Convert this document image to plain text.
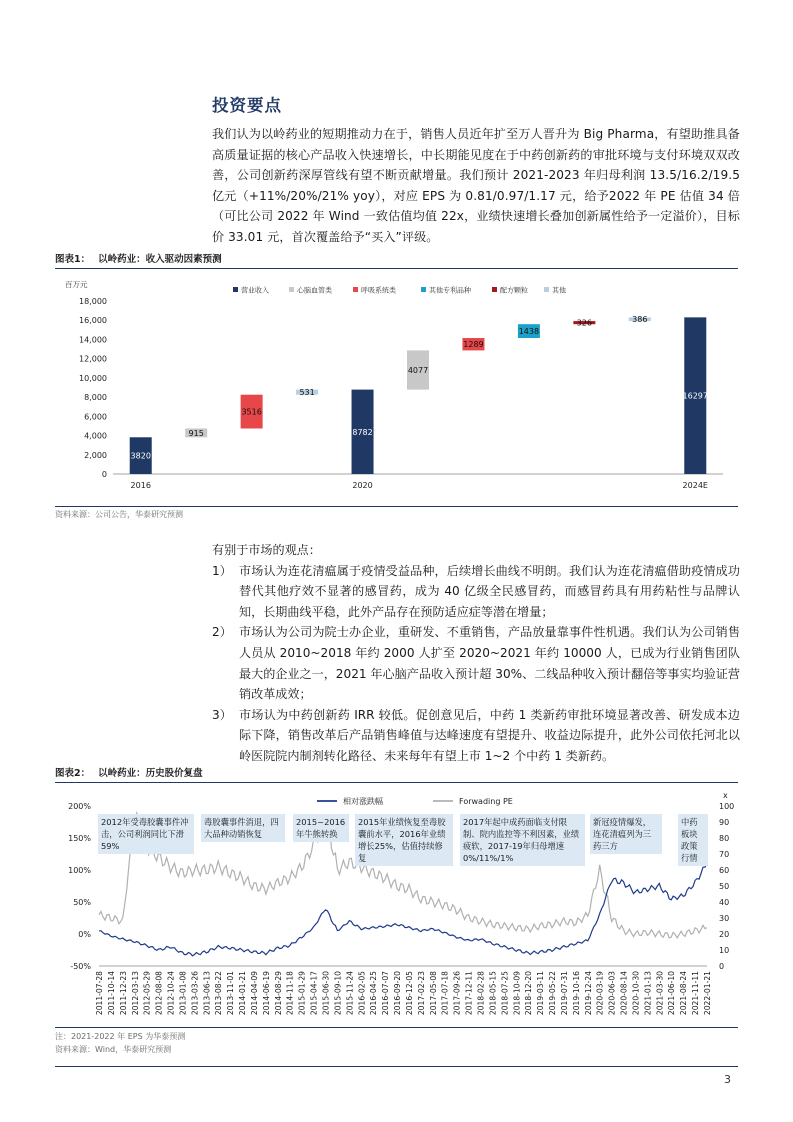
投资要点
我们认为以岭药业的短期推动力在于，销售人员近年扩至万人晋升为 Big Pharma，有望助推具备高质量证据的核心产品收入快速增长，中长期能见度在于中药创新药的审批环境与支付环境双双改善，公司创新药深厚管线有望不断贡献增量。我们预计 2021-2023 年归母利润 13.5/16.2/19.5 亿元（+11%/20%/21% yoy），对应 EPS 为 0.81/0.97/1.17 元，给予2022 年 PE 估值 34 倍（可比公司 2022 年 Wind 一致估值均值 22x，业绩快速增长叠加创新属性给予一定溢价），目标价 33.01 元，首次覆盖给予“买入”评级。
图表1： 以岭药业：收入驱动因素预测
百万元
营业收入	心脑血管类	呼吸系统类	其他专利品种	配方颗粒	其他
0
2,000
4,000
6,000
8,000
10,000
12,000
14,000
16,000
18,000
3820
2016
915
3516
531
8782
2020
4077
1289
1438
326	386
16297
2024E
资料来源：公司公告，华泰研究预测
有别于市场的观点：
1） 市场认为连花清瘟属于疫情受益品种，后续增长曲线不明朗。我们认为连花清瘟借助疫情成功替代其他疗效不显著的感冒药，成为 40 亿级全民感冒药，而感冒药具有用药粘性与品牌认知，长期曲线平稳，此外产品存在预防适应症等潜在增量；
2） 市场认为公司为院士办企业，重研发、不重销售，产品放量靠事件性机遇。我们认为公司销售人员从 2010~2018 年约 2000 人扩至 2020~2021 年约 10000 人，已成为行业销售团队最大的企业之一，2021 年心脑产品收入预计超 30%、二线品种收入预计翻倍等事实均验证营销改革成效；
3） 市场认为中药创新药 IRR 较低。促创意见后，中药 1 类新药审批环境显著改善、研发成本边际下降，销售改革后产品销售峰值与达峰速度有望提升、收益边际提升，此外公司依托河北以岭医院院内制剂转化路径、未来每年有望上市 1~2 个中药 1 类新药。
图表2： 以岭药业：历史股价复盘
相对涨跌幅	Forwading PE
-50%
0%
50%
100%
150%
200%
x
0
10
20
30
40
50
60
70
80
90
100
2011-07-28 2011-10-14 2011-12-23 2012-03-13 2012-05-29 2012-08-08 2012-10-24 2013-01-08 2013-03-26 2013-06-13 2013-08-22 2013-11-01 2014-01-21 2014-04-09 2014-06-19 2014-08-29 2014-11-18 2015-01-29 2015-04-17 2015-06-30 2015-09-10 2015-11-24 2016-02-05 2016-04-25 2016-07-07 2016-09-20 2016-12-05 2017-02-23 2017-05-08 2017-07-18 2017-09-26 2017-12-11 2018-02-28 2018-05-15 2018-07-25 2018-10-09 2018-12-20 2019-03-11 2019-05-22 2019-07-31 2019-10-16 2019-12-24 2020-03-19 2020-06-03 2020-08-14 2020-10-30 2021-01-13 2021-03-30 2021-06-10 2021-08-24 2021-11-11 2022-01-21
2012年受毒胶囊事件冲击，公司利润同比下滑59%
毒胶囊事件消退，四大品种动销恢复
2015~2016年牛熊转换
2015年业绩恢复至毒胶囊前水平，2016年业绩增长25%，估值持续修复
2017年起中成药面临支付限制、院内监控等不利因素，业绩疲软，2017-19年归母增速0%/11%/1%
新冠疫情爆发，连花清瘟列为三药三方
中药板块政策行情
注：2021-2022 年 EPS 为华泰预测
资料来源：Wind，华泰研究预测
3
